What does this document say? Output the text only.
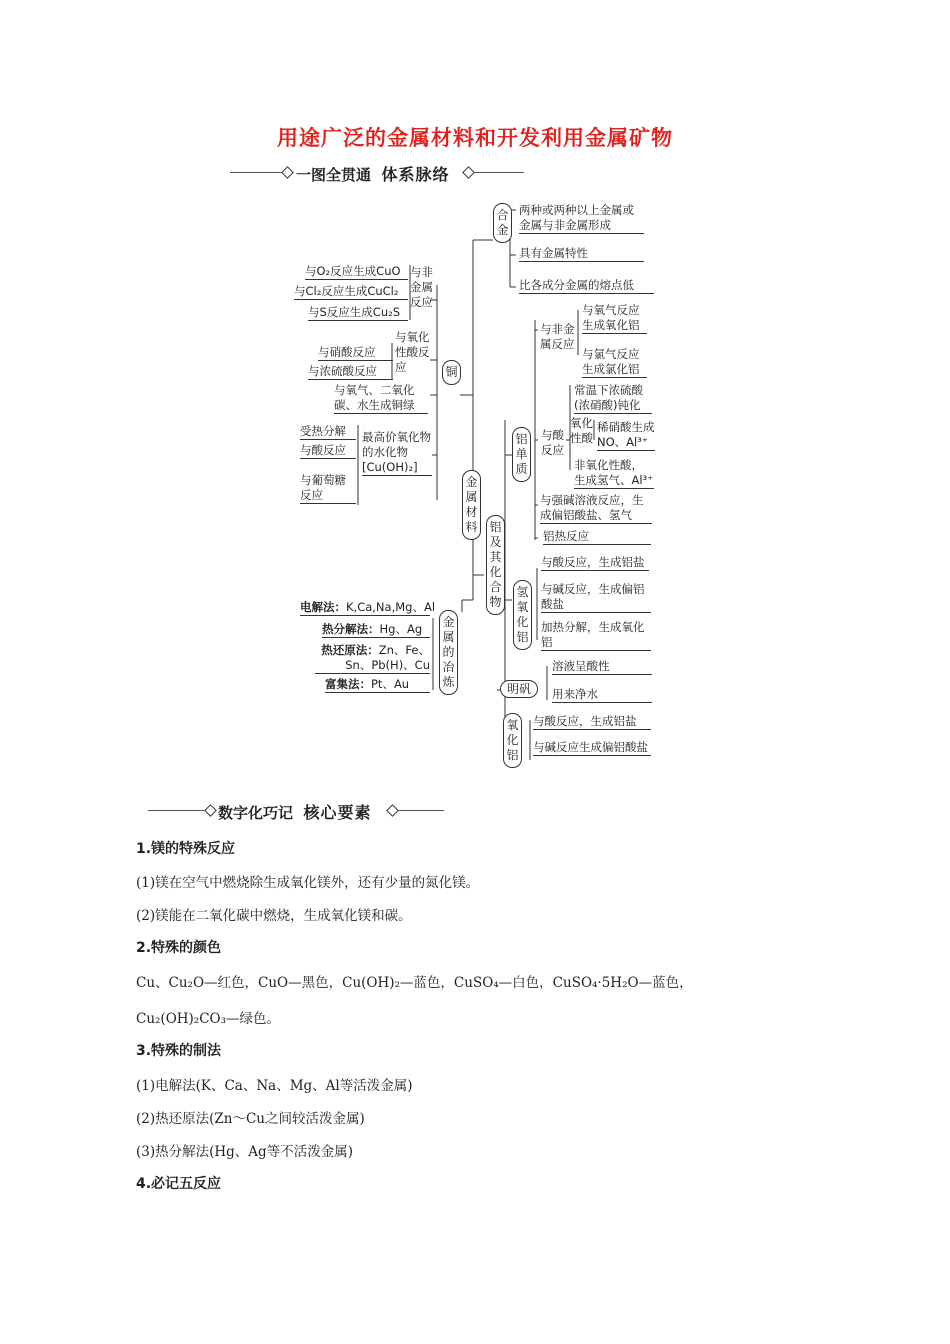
用途广泛的金属材料和开发利用金属矿物
一图全贯通 体系脉络
金属材料
合金
两种或两种以上金属或金属与非金属形成
具有金属特性
比各成分金属的熔点低
铝及其化合物
铝单质
与非金属反应
与氧气反应生成氧化铝
与氯气反应生成氯化铝
与酸反应
氧化性酸
常温下浓硫酸(浓硝酸)钝化
稀硝酸生成NO、Al³⁺
非氧化性酸，生成氢气、Al³⁺
与强碱溶液反应，生成偏铝酸盐、氢气
铝热反应
氢氧化铝
与酸反应，生成铝盐
与碱反应，生成偏铝酸盐
加热分解，生成氧化铝
明矾
溶液呈酸性
用来净水
氧化铝
与酸反应，生成铝盐
与碱反应生成偏铝酸盐
铜
与非金属反应
与O₂反应生成CuO
与Cl₂反应生成CuCl₂
与S反应生成Cu₂S
与氧化性酸反应
与硝酸反应
与浓硫酸反应
与氧气、二氧化碳、水生成铜绿
最高价氧化物的水化物[Cu(OH)₂]
受热分解
与酸反应
与葡萄糖反应
金属的冶炼
电解法：K,Ca,Na,Mg、Al
热分解法：Hg、Ag
热还原法：Zn、Fe、Sn、Pb(H)、Cu
富集法：Pt、Au
数字化巧记 核心要素
1.镁的特殊反应
(1)镁在空气中燃烧除生成氧化镁外，还有少量的氮化镁。
(2)镁能在二氧化碳中燃烧，生成氧化镁和碳。
2.特殊的颜色
Cu、Cu₂O—红色，CuO—黑色，Cu(OH)₂—蓝色，CuSO₄—白色，CuSO₄·5H₂O—蓝色，
Cu₂(OH)₂CO₃—绿色。
3.特殊的制法
(1)电解法(K、Ca、Na、Mg、Al等活泼金属)
(2)热还原法(Zn～Cu之间较活泼金属)
(3)热分解法(Hg、Ag等不活泼金属)
4.必记五反应
